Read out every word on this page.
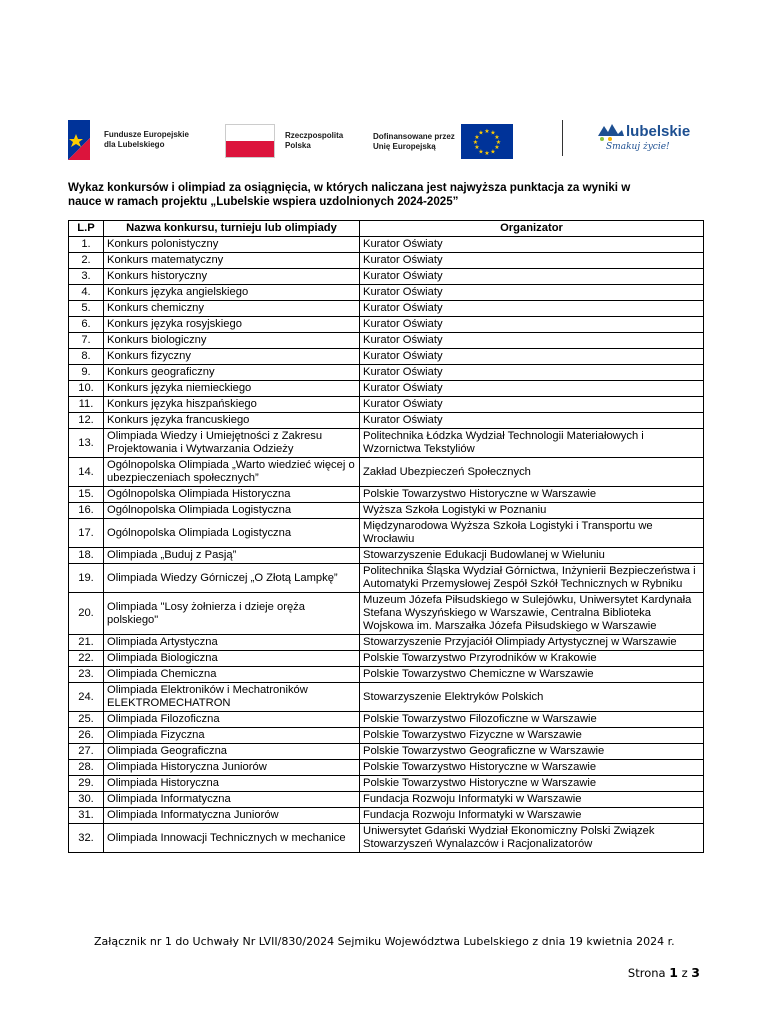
Fundusze Europejskie
dla Lubelskiego
Rzeczpospolita
Polska
Dofinansowane przez
Unię Europejską
★ ★
★
★
★
★
★
★
★
★
★
★	lubelskie
Smakuj życie!
Wykaz konkursów i olimpiad za osiągnięcia, w których naliczana jest najwyższa punktacja za wyniki w
nauce w ramach projektu „Lubelskie wspiera uzdolnionych 2024-2025”
L.P	Nazwa konkursu, turnieju lub olimpiady	Organizator
1.	Konkurs polonistyczny	Kurator Oświaty
2.	Konkurs matematyczny	Kurator Oświaty
3.	Konkurs historyczny	Kurator Oświaty
4.	Konkurs języka angielskiego	Kurator Oświaty
5.	Konkurs chemiczny	Kurator Oświaty
6.	Konkurs języka rosyjskiego	Kurator Oświaty
7.	Konkurs biologiczny	Kurator Oświaty
8.	Konkurs fizyczny	Kurator Oświaty
9.	Konkurs geograficzny	Kurator Oświaty
10.	Konkurs języka niemieckiego	Kurator Oświaty
11.	Konkurs języka hiszpańskiego	Kurator Oświaty
12.	Konkurs języka francuskiego	Kurator Oświaty
13.	Olimpiada Wiedzy i Umiejętności z Zakresu Projektowania i Wytwarzania Odzieży	Politechnika Łódzka Wydział Technologii Materiałowych i Wzornictwa Tekstyliów
14.	Ogólnopolska Olimpiada „Warto wiedzieć więcej o ubezpieczeniach społecznych”	Zakład Ubezpieczeń Społecznych
15.	Ogólnopolska Olimpiada Historyczna	Polskie Towarzystwo Historyczne w Warszawie
16.	Ogólnopolska Olimpiada Logistyczna	Wyższa Szkoła Logistyki w Poznaniu
17.	Ogólnopolska Olimpiada Logistyczna	Międzynarodowa Wyższa Szkoła Logistyki i Transportu we Wrocławiu
18.	Olimpiada „Buduj z Pasją”	Stowarzyszenie Edukacji Budowlanej w Wieluniu
19.	Olimpiada Wiedzy Górniczej „O Złotą Lampkę”	Politechnika Śląska Wydział Górnictwa, Inżynierii Bezpieczeństwa i Automatyki Przemysłowej Zespół Szkół Technicznych w Rybniku
20.	Olimpiada "Losy żołnierza i dzieje oręża polskiego"	Muzeum Józefa Piłsudskiego w Sulejówku, Uniwersytet Kardynała Stefana Wyszyńskiego w Warszawie, Centralna Biblioteka Wojskowa im. Marszałka Józefa Piłsudskiego w Warszawie
21.	Olimpiada Artystyczna	Stowarzyszenie Przyjaciół Olimpiady Artystycznej w Warszawie
22.	Olimpiada Biologiczna	Polskie Towarzystwo Przyrodników w Krakowie
23.	Olimpiada Chemiczna	Polskie Towarzystwo Chemiczne w Warszawie
24.	Olimpiada Elektroników i Mechatroników ELEKTROMECHATRON	Stowarzyszenie Elektryków Polskich
25.	Olimpiada Filozoficzna	Polskie Towarzystwo Filozoficzne w Warszawie
26.	Olimpiada Fizyczna	Polskie Towarzystwo Fizyczne w Warszawie
27.	Olimpiada Geograficzna	Polskie Towarzystwo Geograficzne w Warszawie
28.	Olimpiada Historyczna Juniorów	Polskie Towarzystwo Historyczne w Warszawie
29.	Olimpiada Historyczna	Polskie Towarzystwo Historyczne w Warszawie
30.	Olimpiada Informatyczna	Fundacja Rozwoju Informatyki w Warszawie
31.	Olimpiada Informatyczna Juniorów	Fundacja Rozwoju Informatyki w Warszawie
32.	Olimpiada Innowacji Technicznych w mechanice	Uniwersytet Gdański Wydział Ekonomiczny Polski Związek Stowarzyszeń Wynalazców i Racjonalizatorów
Załącznik nr 1 do Uchwały Nr LVII/830/2024 Sejmiku Województwa Lubelskiego z dnia 19 kwietnia 2024 r.
Strona 1 z 3
